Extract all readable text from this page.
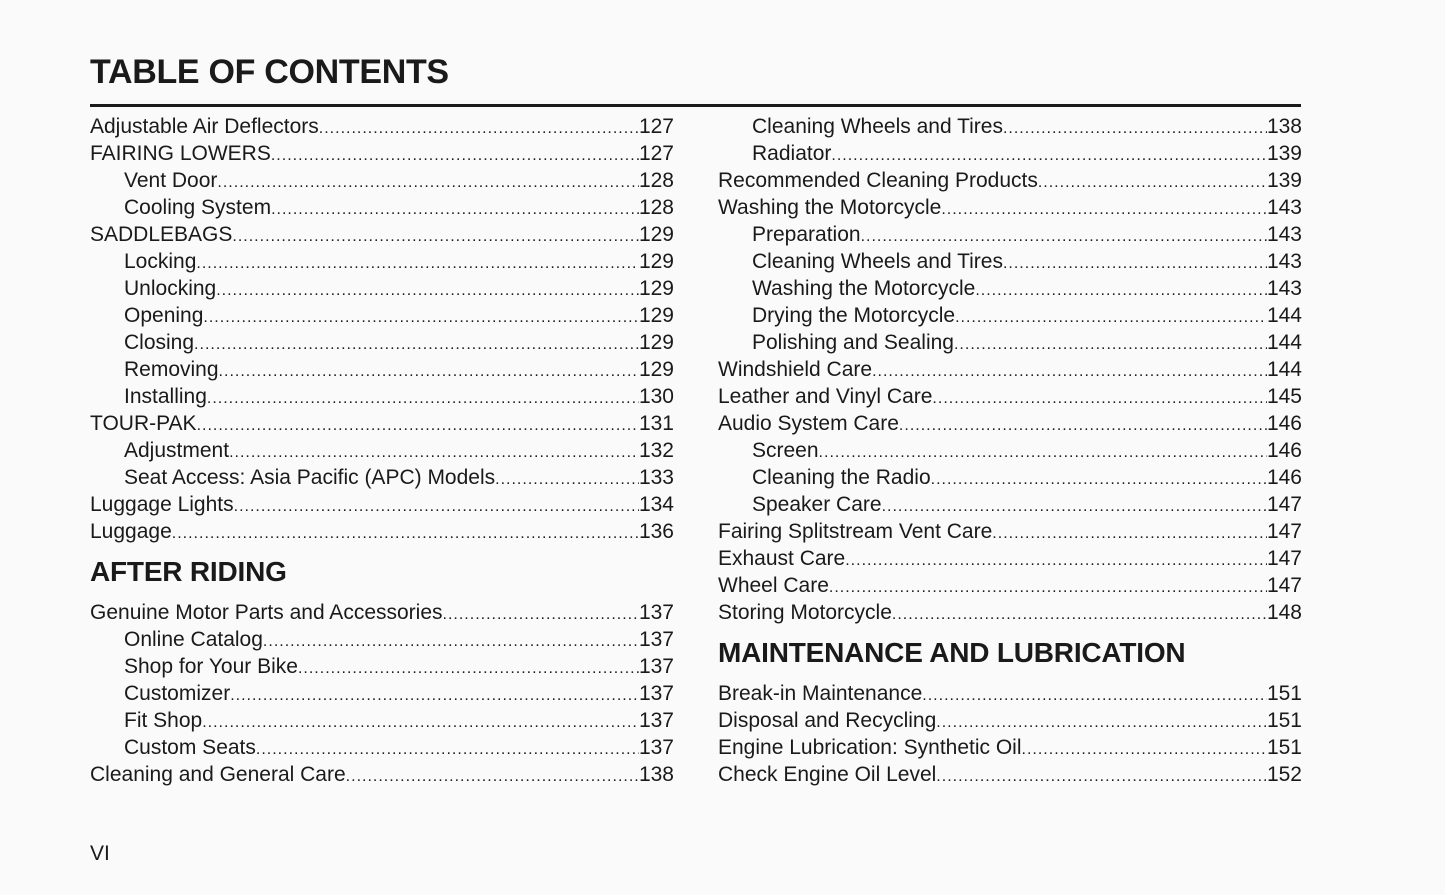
TABLE OF CONTENTS
Adjustable Air Deflectors .....	127
FAIRING LOWERS .....	127
Vent Door .....	128
Cooling System .....	128
SADDLEBAGS .....	129
Locking .....	129
Unlocking .....	129
Opening .....	129
Closing .....	129
Removing .....	129
Installing .....	130
TOUR-PAK .....	131
Adjustment .....	132
Seat Access: Asia Pacific (APC) Models .....	133
Luggage Lights .....	134
Luggage .....	136
AFTER RIDING
Genuine Motor Parts and Accessories .....	137
Online Catalog .....	137
Shop for Your Bike .....	137
Customizer .....	137
Fit Shop .....	137
Custom Seats .....	137
Cleaning and General Care .....	138
Cleaning Wheels and Tires .....	138
Radiator .....	139
Recommended Cleaning Products .....	139
Washing the Motorcycle .....	143
Preparation .....	143
Cleaning Wheels and Tires .....	143
Washing the Motorcycle .....	143
Drying the Motorcycle .....	144
Polishing and Sealing .....	144
Windshield Care .....	144
Leather and Vinyl Care .....	145
Audio System Care .....	146
Screen .....	146
Cleaning the Radio .....	146
Speaker Care .....	147
Fairing Splitstream Vent Care .....	147
Exhaust Care .....	147
Wheel Care .....	147
Storing Motorcycle .....	148
MAINTENANCE AND LUBRICATION
Break-in Maintenance .....	151
Disposal and Recycling .....	151
Engine Lubrication: Synthetic Oil .....	151
Check Engine Oil Level .....	152
VI
